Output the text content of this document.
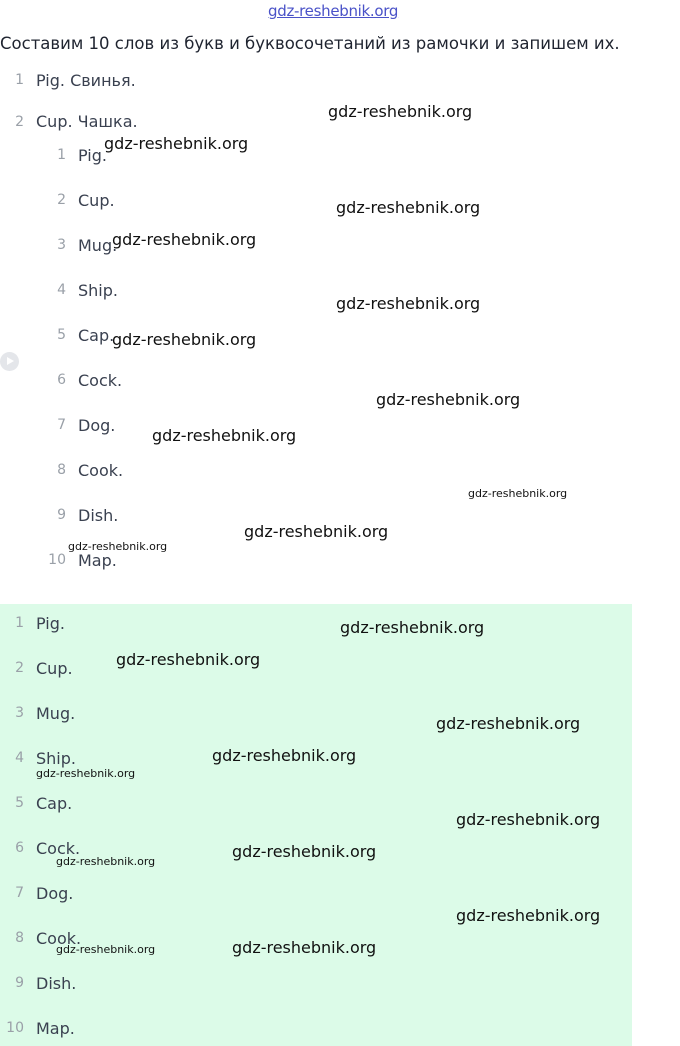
gdz-reshebnik.org
Составим 10 слов из букв и буквосочетаний из рамочки и запишем их.
1 Pig. Свинья.
2 Cup. Чашка.
1 Pig.
2 Cup.
3 Mug.
4 Ship.
5 Cap.
6 Cock.
7 Dog.
8 Cook.
9 Dish.
10 Map.
1 Pig.
2 Cup.
3 Mug.
4 Ship.
5 Cap.
6 Cock.
7 Dog.
8 Cook.
9 Dish.
10 Map.
gdz-reshebnik.org
gdz-reshebnik.org
gdz-reshebnik.org
gdz-reshebnik.org
gdz-reshebnik.org
gdz-reshebnik.org
gdz-reshebnik.org
gdz-reshebnik.org
gdz-reshebnik.org
gdz-reshebnik.org
gdz-reshebnik.org
gdz-reshebnik.org
gdz-reshebnik.org
gdz-reshebnik.org
gdz-reshebnik.org
gdz-reshebnik.org
gdz-reshebnik.org
gdz-reshebnik.org
gdz-reshebnik.org
gdz-reshebnik.org
gdz-reshebnik.org
gdz-reshebnik.org
